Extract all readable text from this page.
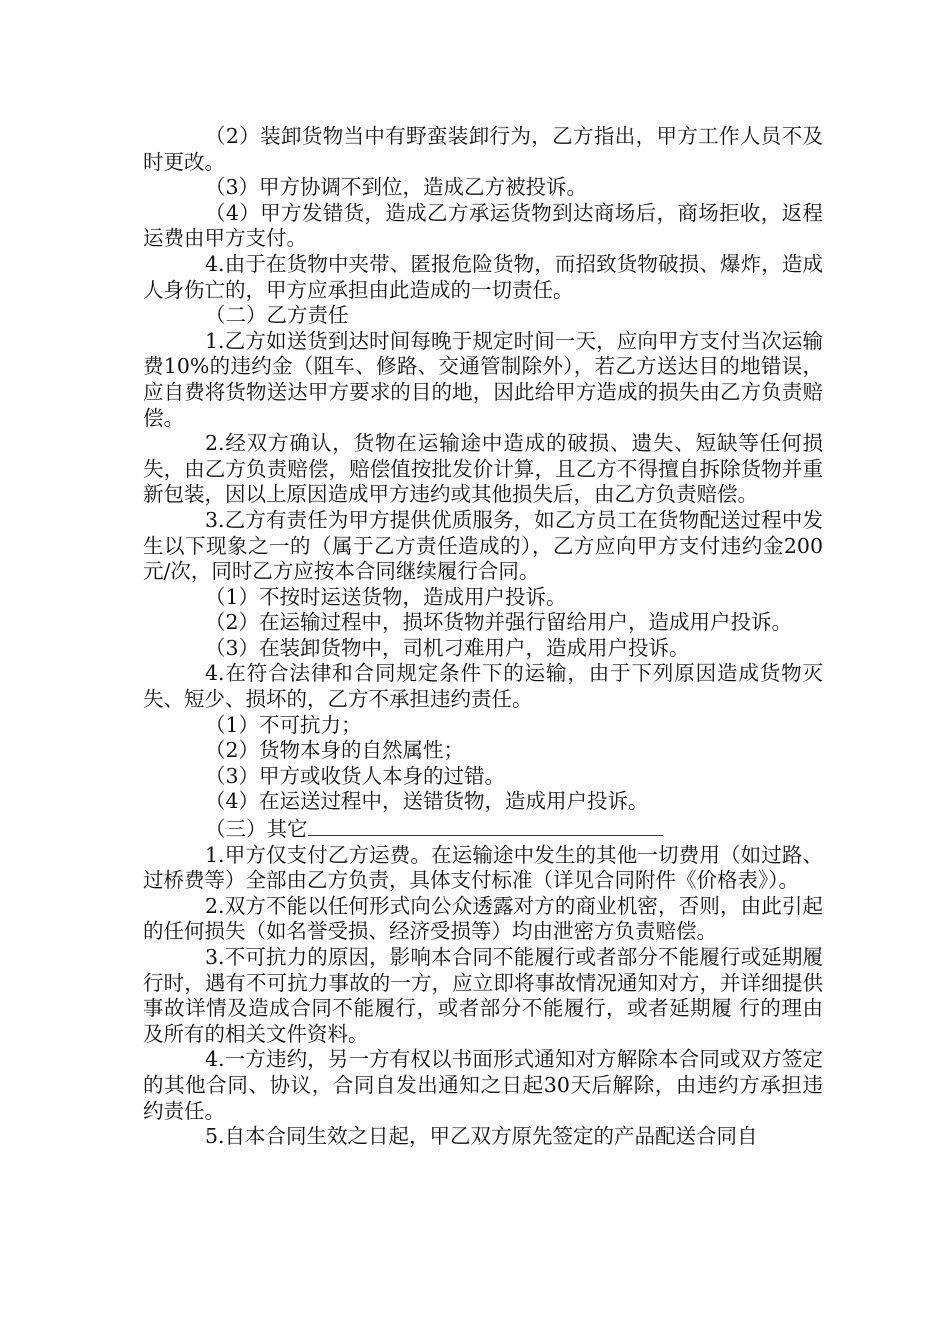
（2）装卸货物当中有野蛮装卸行为，乙方指出，甲方工作人员不及时更改。

（3）甲方协调不到位，造成乙方被投诉。

（4）甲方发错货，造成乙方承运货物到达商场后，商场拒收，返程运费由甲方支付。

4.由于在货物中夹带、匿报危险货物，而招致货物破损、爆炸，造成人身伤亡的，甲方应承担由此造成的一切责任。

（二）乙方责任

1.乙方如送货到达时间每晚于规定时间一天，应向甲方支付当次运输费10%的违约金（阻车、修路、交通管制除外），若乙方送达目的地错误，应自费将货物送达甲方要求的目的地，因此给甲方造成的损失由乙方负责赔偿。

2.经双方确认，货物在运输途中造成的破损、遗失、短缺等任何损失，由乙方负责赔偿，赔偿值按批发价计算，且乙方不得擅自拆除货物并重新包装，因以上原因造成甲方违约或其他损失后，由乙方负责赔偿。

3.乙方有责任为甲方提供优质服务，如乙方员工在货物配送过程中发生以下现象之一的（属于乙方责任造成的），乙方应向甲方支付违约金200元/次，同时乙方应按本合同继续履行合同。

（1）不按时运送货物，造成用户投诉。

（2）在运输过程中，损坏货物并强行留给用户，造成用户投诉。

（3）在装卸货物中，司机刁难用户，造成用户投诉。

4.在符合法律和合同规定条件下的运输，由于下列原因造成货物灭失、短少、损坏的，乙方不承担违约责任。

（1）不可抗力；

（2）货物本身的自然属性；

（3）甲方或收货人本身的过错。

（4）在运送过程中，送错货物，造成用户投诉。

（三）其它

1.甲方仅支付乙方运费。在运输途中发生的其他一切费用（如过路、过桥费等）全部由乙方负责，具体支付标准（详见合同附件《价格表》）。

2.双方不能以任何形式向公众透露对方的商业机密，否则，由此引起的任何损失（如名誉受损、经济受损等）均由泄密方负责赔偿。

3.不可抗力的原因，影响本合同不能履行或者部分不能履行或延期履行时，遇有不可抗力事故的一方，应立即将事故情况通知对方，并详细提供事故详情及造成合同不能履行，或者部分不能履行，或者延期履 行的理由及所有的相关文件资料。

4.一方违约，另一方有权以书面形式通知对方解除本合同或双方签定的其他合同、协议，合同自发出通知之日起30天后解除，由违约方承担违约责任。

5.自本合同生效之日起，甲乙双方原先签定的产品配送合同自
